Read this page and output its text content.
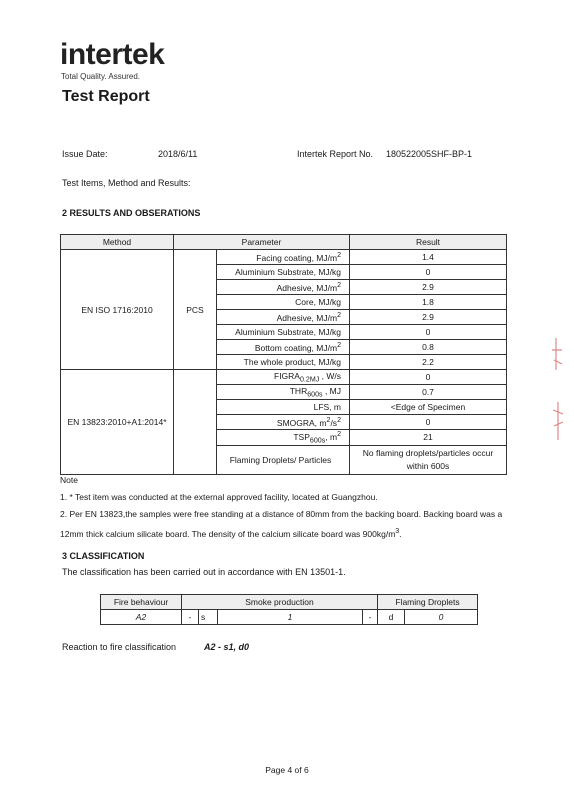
intertek
Total Quality. Assured.
Test Report
Issue Date:	2018/6/11	Intertek Report No. 180522005SHF-BP-1
Test Items, Method and Results:
2 RESULTS AND OBSERATIONS
Method	Parameter		Result
EN ISO 1716:2010	PCS	Facing coating, $MJ/m^2$	1.4
		Aluminium Substrate, MJ/kg	0
		Adhesive, $MJ/m^2$	2.9
		Core, MJ/kg	1.8
		Adhesive, $MJ/m^2$	2.9
		Aluminium Substrate, MJ/kg	0
		Bottom coating, $MJ/m^2$	0.8
		The whole product, MJ/kg	2.2
EN 13823:2010+A1:2014*		$FIGRA_{0.2MJ}$ , W/s	0
		$THR_{600s}$ , MJ	0.7
		LFS, m	<Edge of Specimen
		SMOGRA, $m^2/s^2$	0
		$TSP_{600s}$, $m^2$	21
		Flaming Droplets/ Particles	No flaming droplets/particles occur within 600s
Note
1. * Test item was conducted at the external approved facility, located at Guangzhou.
2. Per EN 13823,the samples were free standing at a distance of 80mm from the backing board. Backing board was a 12mm thick calcium silicate board. The density of the calcium silicate board was $900kg/m^3$.
3 CLASSIFICATION
The classification has been carried out in accordance with EN 13501-1.
Fire behaviour	Smoke production				Flaming Droplets	
A2	-	s	1	-	d	0
Reaction to fire classification	A2 - s1, d0
Page 4 of 6
